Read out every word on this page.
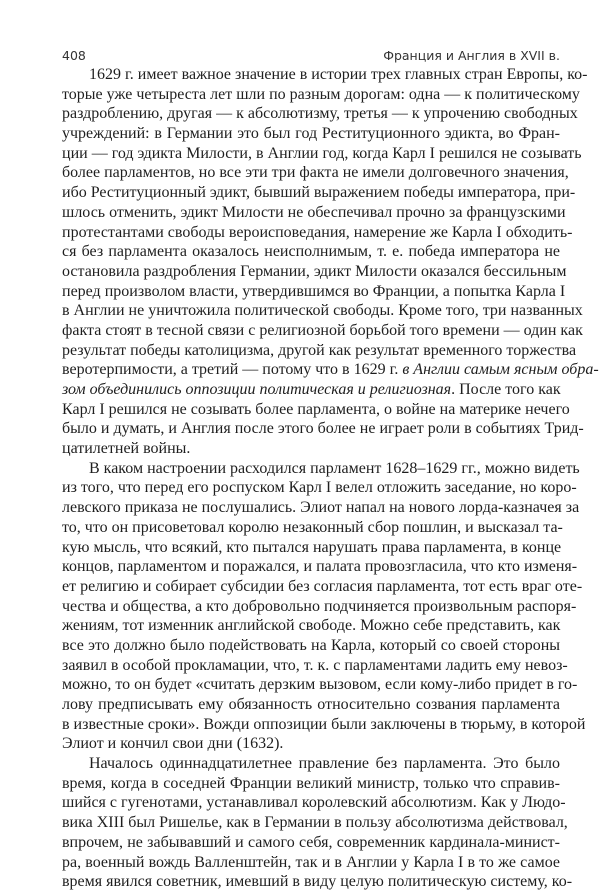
408	Франция и Англия в XVII в.
1629 г. имеет важное значение в истории трех главных стран Европы, ко-
торые уже четыреста лет шли по разным дорогам: одна — к политическому
раздроблению, другая — к абсолютизму, третья — к упрочению свободных
учреждений: в Германии это был год Реституционного эдикта, во Фран-
ции — год эдикта Милости, в Англии год, когда Карл I решился не созывать
более парламентов, но все эти три факта не имели долговечного значения,
ибо Реституционный эдикт, бывший выражением победы императора, при-
шлось отменить, эдикт Милости не обеспечивал прочно за французскими
протестантами свободы вероисповедания, намерение же Карла I обходить-
ся без парламента оказалось неисполнимым, т. е. победа императора не
остановила раздробления Германии, эдикт Милости оказался бессильным
перед произволом власти, утвердившимся во Франции, а попытка Карла I
в Англии не уничтожила политической свободы. Кроме того, три названных
факта стоят в тесной связи с религиозной борьбой того времени — один как
результат победы католицизма, другой как результат временного торжества
веротерпимости, а третий — потому что в 1629 г. в Англии самым ясным обра-
зом объединились оппозиции политическая и религиозная. После того как
Карл I решился не созывать более парламента, о войне на материке нечего
было и думать, и Англия после этого более не играет роли в событиях Трид-
цатилетней войны.
В каком настроении расходился парламент 1628–1629 гг., можно видеть
из того, что перед его роспуском Карл I велел отложить заседание, но коро-
левского приказа не послушались. Элиот напал на нового лорда-казначея за
то, что он присоветовал королю незаконный сбор пошлин, и высказал та-
кую мысль, что всякий, кто пытался нарушать права парламента, в конце
концов, парламентом и поражался, и палата провозгласила, что кто изменя-
ет религию и собирает субсидии без согласия парламента, тот есть враг оте-
чества и общества, а кто добровольно подчиняется произвольным распоря-
жениям, тот изменник английской свободе. Можно себе представить, как
все это должно было подействовать на Карла, который со своей стороны
заявил в особой прокламации, что, т. к. с парламентами ладить ему невоз-
можно, то он будет «считать дерзким вызовом, если кому-либо придет в го-
лову предписывать ему обязанность относительно созвания парламента
в известные сроки». Вожди оппозиции были заключены в тюрьму, в которой
Элиот и кончил свои дни (1632).
Началось одиннадцатилетнее правление без парламента. Это было
время, когда в соседней Франции великий министр, только что справив-
шийся с гугенотами, устанавливал королевский абсолютизм. Как у Людо-
вика XIII был Ришелье, как в Германии в пользу абсолютизма действовал,
впрочем, не забывавший и самого себя, современник кардинала-минист-
ра, военный вождь Валленштейн, так и в Англии у Карла I в то же самое
время явился советник, имевший в виду целую политическую систему, ко-
